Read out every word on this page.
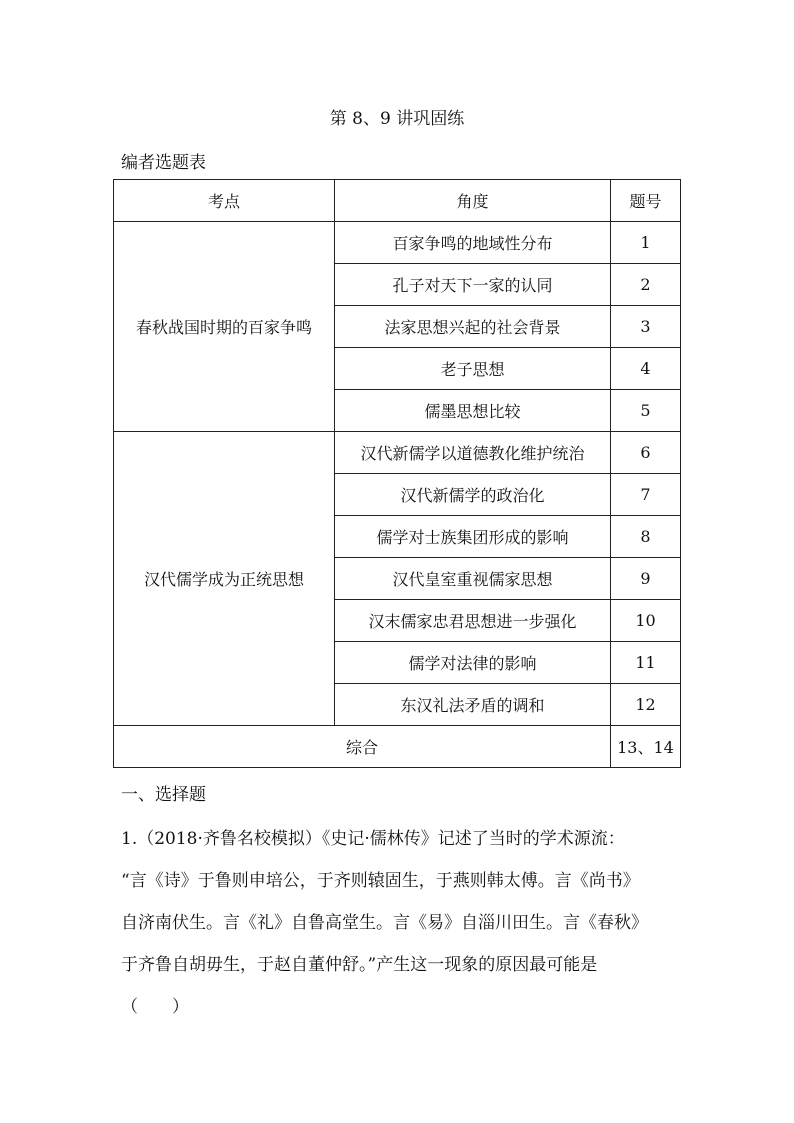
第 8、9 讲巩固练
编者选题表
考点	角度	题号
春秋战国时期的百家争鸣	百家争鸣的地域性分布	1
	孔子对天下一家的认同	2
	法家思想兴起的社会背景	3
	老子思想	4
	儒墨思想比较	5
汉代儒学成为正统思想	汉代新儒学以道德教化维护统治	6
	汉代新儒学的政治化	7
	儒学对士族集团形成的影响	8
	汉代皇室重视儒家思想	9
	汉末儒家忠君思想进一步强化	10
	儒学对法律的影响	11
	东汉礼法矛盾的调和	12
综合		13、14
一、选择题

1.（2018·齐鲁名校模拟）《史记·儒林传》记述了当时的学术源流：

“言《诗》于鲁则申培公，于齐则辕固生，于燕则韩太傅。言《尚书》

自济南伏生。言《礼》自鲁高堂生。言《易》自淄川田生。言《春秋》

于齐鲁自胡毋生，于赵自董仲舒。”产生这一现象的原因最可能是

（　　）
